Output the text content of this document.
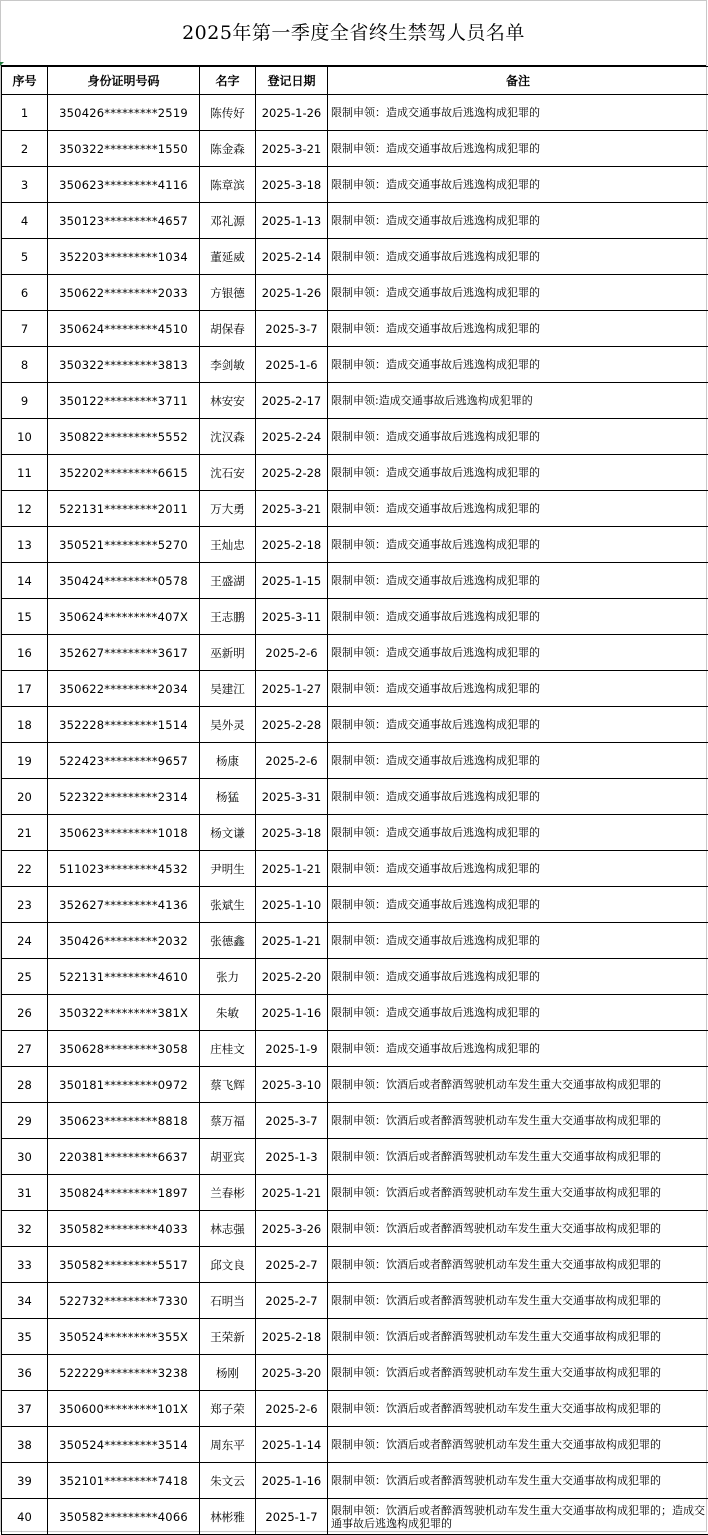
2025年第一季度全省终生禁驾人员名单
序号	身份证明号码	名字	登记日期	备注
1	350426*********2519	陈传好	2025-1-26	限制申领：造成交通事故后逃逸构成犯罪的
2	350322*********1550	陈金森	2025-3-21	限制申领：造成交通事故后逃逸构成犯罪的
3	350623*********4116	陈章滨	2025-3-18	限制申领：造成交通事故后逃逸构成犯罪的
4	350123*********4657	邓礼源	2025-1-13	限制申领：造成交通事故后逃逸构成犯罪的
5	352203*********1034	董延威	2025-2-14	限制申领：造成交通事故后逃逸构成犯罪的
6	350622*********2033	方银德	2025-1-26	限制申领：造成交通事故后逃逸构成犯罪的
7	350624*********4510	胡保春	2025-3-7	限制申领：造成交通事故后逃逸构成犯罪的
8	350322*********3813	李剑敏	2025-1-6	限制申领：造成交通事故后逃逸构成犯罪的
9	350122*********3711	林安安	2025-2-17	限制申领:造成交通事故后逃逸构成犯罪的
10	350822*********5552	沈汉森	2025-2-24	限制申领：造成交通事故后逃逸构成犯罪的
11	352202*********6615	沈石安	2025-2-28	限制申领：造成交通事故后逃逸构成犯罪的
12	522131*********2011	万大勇	2025-3-21	限制申领：造成交通事故后逃逸构成犯罪的
13	350521*********5270	王灿忠	2025-2-18	限制申领：造成交通事故后逃逸构成犯罪的
14	350424*********0578	王盛湖	2025-1-15	限制申领：造成交通事故后逃逸构成犯罪的
15	350624*********407X	王志鹏	2025-3-11	限制申领：造成交通事故后逃逸构成犯罪的
16	352627*********3617	巫新明	2025-2-6	限制申领：造成交通事故后逃逸构成犯罪的
17	350622*********2034	吴建江	2025-1-27	限制申领：造成交通事故后逃逸构成犯罪的
18	352228*********1514	吴外灵	2025-2-28	限制申领：造成交通事故后逃逸构成犯罪的
19	522423*********9657	杨康	2025-2-6	限制申领：造成交通事故后逃逸构成犯罪的
20	522322*********2314	杨猛	2025-3-31	限制申领：造成交通事故后逃逸构成犯罪的
21	350623*********1018	杨文谦	2025-3-18	限制申领：造成交通事故后逃逸构成犯罪的
22	511023*********4532	尹明生	2025-1-21	限制申领：造成交通事故后逃逸构成犯罪的
23	352627*********4136	张斌生	2025-1-10	限制申领：造成交通事故后逃逸构成犯罪的
24	350426*********2032	张德鑫	2025-1-21	限制申领：造成交通事故后逃逸构成犯罪的
25	522131*********4610	张力	2025-2-20	限制申领：造成交通事故后逃逸构成犯罪的
26	350322*********381X	朱敏	2025-1-16	限制申领：造成交通事故后逃逸构成犯罪的
27	350628*********3058	庄桂文	2025-1-9	限制申领：造成交通事故后逃逸构成犯罪的
28	350181*********0972	蔡飞辉	2025-3-10	限制申领：饮酒后或者醉酒驾驶机动车发生重大交通事故构成犯罪的
29	350623*********8818	蔡万福	2025-3-7	限制申领：饮酒后或者醉酒驾驶机动车发生重大交通事故构成犯罪的
30	220381*********6637	胡亚宾	2025-1-3	限制申领：饮酒后或者醉酒驾驶机动车发生重大交通事故构成犯罪的
31	350824*********1897	兰春彬	2025-1-21	限制申领：饮酒后或者醉酒驾驶机动车发生重大交通事故构成犯罪的
32	350582*********4033	林志强	2025-3-26	限制申领：饮酒后或者醉酒驾驶机动车发生重大交通事故构成犯罪的
33	350582*********5517	邱文良	2025-2-7	限制申领：饮酒后或者醉酒驾驶机动车发生重大交通事故构成犯罪的
34	522732*********7330	石明当	2025-2-7	限制申领：饮酒后或者醉酒驾驶机动车发生重大交通事故构成犯罪的
35	350524*********355X	王荣新	2025-2-18	限制申领：饮酒后或者醉酒驾驶机动车发生重大交通事故构成犯罪的
36	522229*********3238	杨刚	2025-3-20	限制申领：饮酒后或者醉酒驾驶机动车发生重大交通事故构成犯罪的
37	350600*********101X	郑子荣	2025-2-6	限制申领：饮酒后或者醉酒驾驶机动车发生重大交通事故构成犯罪的
38	350524*********3514	周东平	2025-1-14	限制申领：饮酒后或者醉酒驾驶机动车发生重大交通事故构成犯罪的
39	352101*********7418	朱文云	2025-1-16	限制申领：饮酒后或者醉酒驾驶机动车发生重大交通事故构成犯罪的
40	350582*********4066	林彬雅	2025-1-7	限制申领：饮酒后或者醉酒驾驶机动车发生重大交通事故构成犯罪的；造成交通事故后逃逸构成犯罪的
